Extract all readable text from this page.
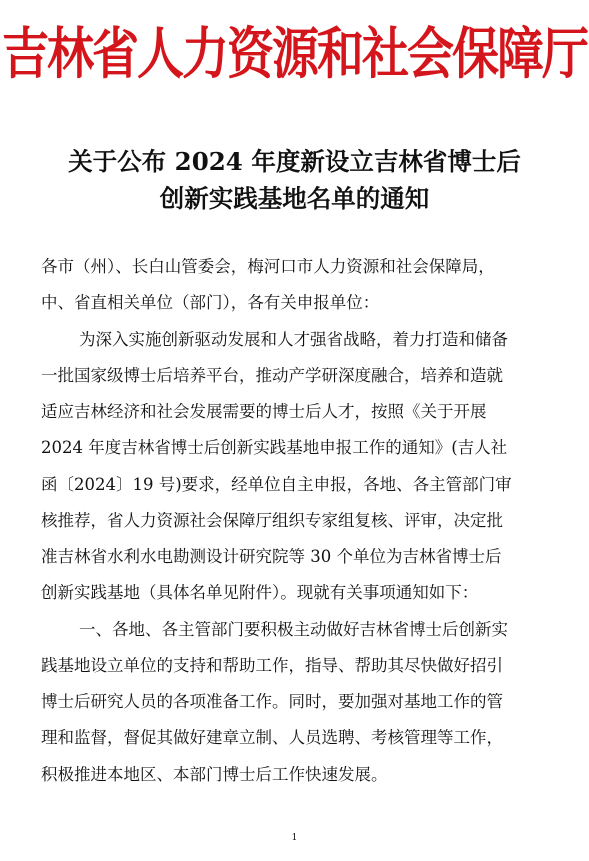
吉林省人力资源和社会保障厅
关于公布 2024 年度新设立吉林省博士后
创新实践基地名单的通知
各市（州）、长白山管委会，梅河口市人力资源和社会保障局，
中、省直相关单位（部门），各有关申报单位：
为深入实施创新驱动发展和人才强省战略，着力打造和储备
一批国家级博士后培养平台，推动产学研深度融合，培养和造就
适应吉林经济和社会发展需要的博士后人才，按照《关于开展
2024 年度吉林省博士后创新实践基地申报工作的通知》(吉人社
函〔2024〕19 号)要求，经单位自主申报，各地、各主管部门审
核推荐，省人力资源社会保障厅组织专家组复核、评审，决定批
准吉林省水利水电勘测设计研究院等 30 个单位为吉林省博士后
创新实践基地（具体名单见附件）。现就有关事项通知如下：
一、各地、各主管部门要积极主动做好吉林省博士后创新实
践基地设立单位的支持和帮助工作，指导、帮助其尽快做好招引
博士后研究人员的各项准备工作。同时，要加强对基地工作的管
理和监督，督促其做好建章立制、人员选聘、考核管理等工作，
积极推进本地区、本部门博士后工作快速发展。
1
